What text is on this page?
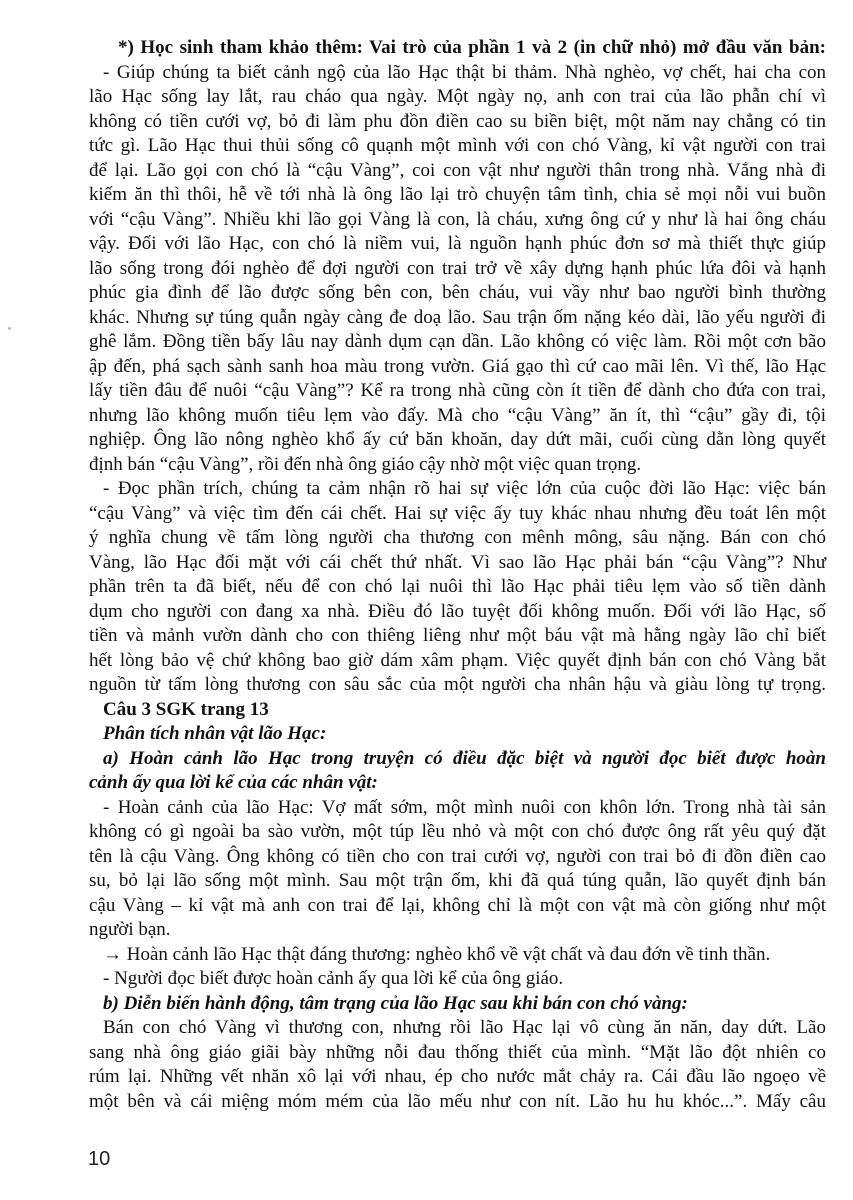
*) Học sinh tham khảo thêm: Vai trò của phần 1 và 2 (in chữ nhỏ) mở đầu văn bản:
- Giúp chúng ta biết cảnh ngộ của lão Hạc thật bi thảm. Nhà nghèo, vợ chết, hai cha con
lão Hạc sống lay lắt, rau cháo qua ngày. Một ngày nọ, anh con trai của lão phẫn chí vì
không có tiền cưới vợ, bỏ đi làm phu đồn điền cao su biền biệt, một năm nay chẳng có tin
tức gì. Lão Hạc thui thủi sống cô quạnh một mình với con chó Vàng, kỉ vật người con trai
để lại. Lão gọi con chó là “cậu Vàng”, coi con vật như người thân trong nhà. Vắng nhà đi
kiếm ăn thì thôi, hễ về tới nhà là ông lão lại trò chuyện tâm tình, chia sẻ mọi nỗi vui buồn
với “cậu Vàng”. Nhiều khi lão gọi Vàng là con, là cháu, xưng ông cứ y như là hai ông cháu
vậy. Đối với lão Hạc, con chó là niềm vui, là nguồn hạnh phúc đơn sơ mà thiết thực giúp
lão sống trong đói nghèo để đợi người con trai trở về xây dựng hạnh phúc lứa đôi và hạnh
phúc gia đình để lão được sống bên con, bên cháu, vui vầy như bao người bình thường
khác. Nhưng sự túng quẫn ngày càng đe doạ lão. Sau trận ốm nặng kéo dài, lão yếu người đi
ghê lắm. Đồng tiền bấy lâu nay dành dụm cạn dần. Lão không có việc làm. Rồi một cơn bão
ập đến, phá sạch sành sanh hoa màu trong vườn. Giá gạo thì cứ cao mãi lên. Vì thế, lão Hạc
lấy tiền đâu để nuôi “cậu Vàng”? Kể ra trong nhà cũng còn ít tiền để dành cho đứa con trai,
nhưng lão không muốn tiêu lẹm vào đấy. Mà cho “cậu Vàng” ăn ít, thì “cậu” gầy đi, tội
nghiệp. Ông lão nông nghèo khổ ấy cứ băn khoăn, day dứt mãi, cuối cùng dằn lòng quyết
định bán “cậu Vàng”, rồi đến nhà ông giáo cậy nhờ một việc quan trọng.
- Đọc phần trích, chúng ta cảm nhận rõ hai sự việc lớn của cuộc đời lão Hạc: việc bán
“cậu Vàng” và việc tìm đến cái chết. Hai sự việc ấy tuy khác nhau nhưng đều toát lên một
ý nghĩa chung về tấm lòng người cha thương con mênh mông, sâu nặng. Bán con chó
Vàng, lão Hạc đối mặt với cái chết thứ nhất. Vì sao lão Hạc phải bán “cậu Vàng”? Như
phần trên ta đã biết, nếu để con chó lại nuôi thì lão Hạc phải tiêu lẹm vào số tiền dành
dụm cho người con đang xa nhà. Điều đó lão tuyệt đối không muốn. Đối với lão Hạc, số
tiền và mảnh vườn dành cho con thiêng liêng như một báu vật mà hằng ngày lão chỉ biết
hết lòng bảo vệ chứ không bao giờ dám xâm phạm. Việc quyết định bán con chó Vàng bắt
nguồn từ tấm lòng thương con sâu sắc của một người cha nhân hậu và giàu lòng tự trọng.
Câu 3 SGK trang 13
Phân tích nhân vật lão Hạc:
a) Hoàn cảnh lão Hạc trong truyện có điều đặc biệt và người đọc biết được hoàn
cảnh ấy qua lời kể của các nhân vật:
- Hoàn cảnh của lão Hạc: Vợ mất sớm, một mình nuôi con khôn lớn. Trong nhà tài sản
không có gì ngoài ba sào vườn, một túp lều nhỏ và một con chó được ông rất yêu quý đặt
tên là cậu Vàng. Ông không có tiền cho con trai cưới vợ, người con trai bỏ đi đồn điền cao
su, bỏ lại lão sống một mình. Sau một trận ốm, khi đã quá túng quẫn, lão quyết định bán
cậu Vàng – kỉ vật mà anh con trai để lại, không chỉ là một con vật mà còn giống như một
người bạn.
→ Hoàn cảnh lão Hạc thật đáng thương: nghèo khổ về vật chất và đau đớn về tinh thần.
- Người đọc biết được hoàn cảnh ấy qua lời kể của ông giáo.
b) Diễn biến hành động, tâm trạng của lão Hạc sau khi bán con chó vàng:
Bán con chó Vàng vì thương con, nhưng rồi lão Hạc lại vô cùng ăn năn, day dứt. Lão
sang nhà ông giáo giãi bày những nỗi đau thống thiết của mình. “Mặt lão đột nhiên co
rúm lại. Những vết nhăn xô lại với nhau, ép cho nước mắt chảy ra. Cái đầu lão ngoẹo về
một bên và cái miệng móm mém của lão mếu như con nít. Lão hu hu khóc...”. Mấy câu
10
